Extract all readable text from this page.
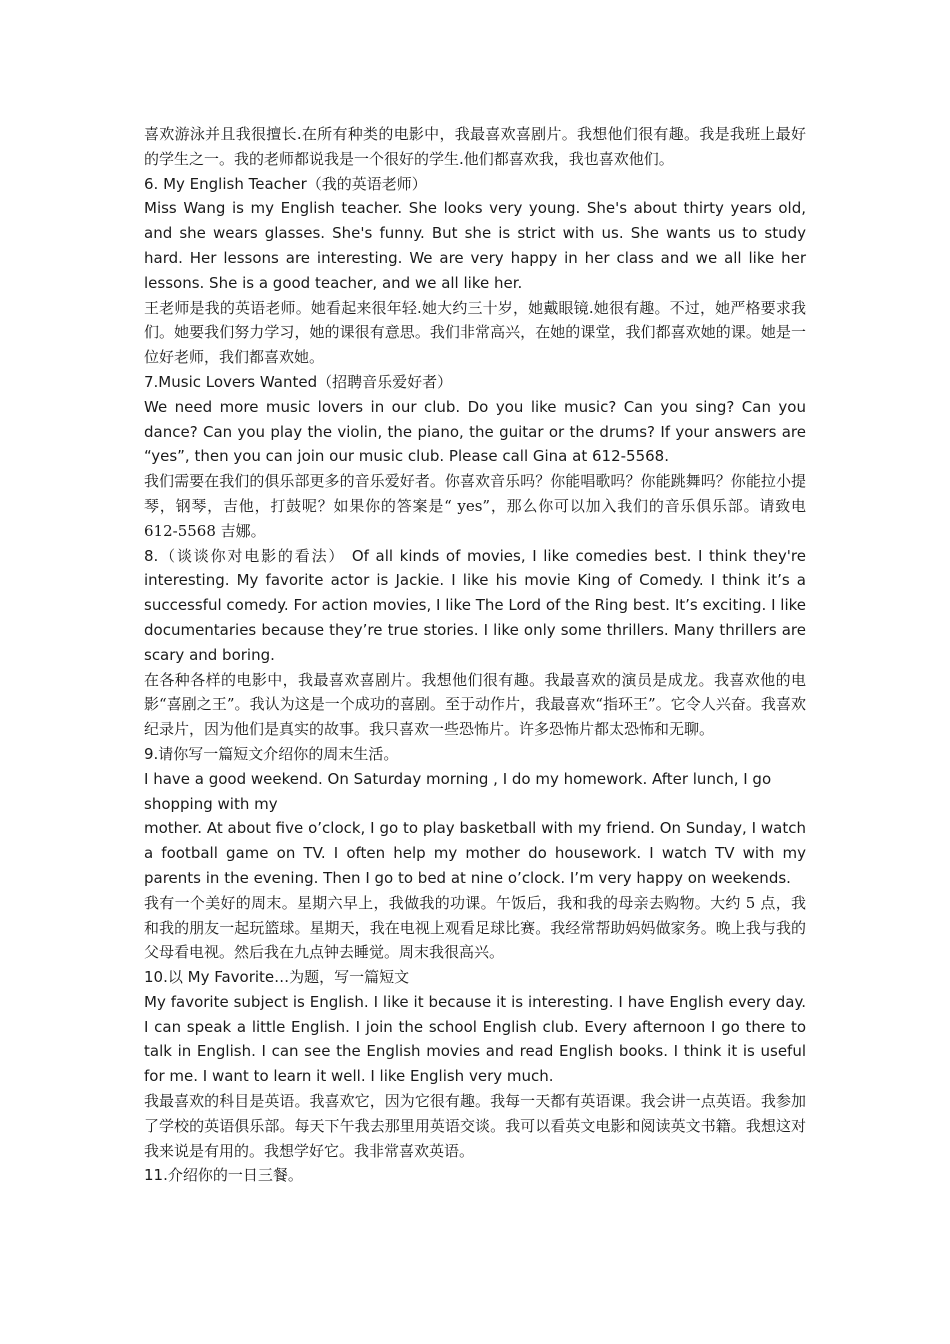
喜欢游泳并且我很擅长.在所有种类的电影中，我最喜欢喜剧片。我想他们很有趣。我是我班上最好的学生之一。我的老师都说我是一个很好的学生.他们都喜欢我，我也喜欢他们。

6. My English Teacher（我的英语老师）

Miss Wang is my English teacher. She looks very young. She's about thirty years old, and she wears glasses. She's funny. But she is strict with us. She wants us to study hard. Her lessons are interesting. We are very happy in her class and we all like her lessons. She is a good teacher, and we all like her.

王老师是我的英语老师。她看起来很年轻.她大约三十岁，她戴眼镜.她很有趣。不过，她严格要求我们。她要我们努力学习，她的课很有意思。我们非常高兴，在她的课堂，我们都喜欢她的课。她是一位好老师，我们都喜欢她。

7.Music Lovers Wanted（招聘音乐爱好者）

We need more music lovers in our club. Do you like music? Can you sing? Can you dance? Can you play the violin, the piano, the guitar or the drums? If your answers are “yes”, then you can join our music club. Please call Gina at 612-5568.

我们需要在我们的俱乐部更多的音乐爱好者。你喜欢音乐吗？你能唱歌吗？你能跳舞吗？你能拉小提琴，钢琴，吉他，打鼓呢？如果你的答案是“ yes”，那么你可以加入我们的音乐俱乐部。请致电 612-5568 吉娜。

8.（谈谈你对电影的看法） Of all kinds of movies, I like comedies best. I think they're interesting. My favorite actor is Jackie. I like his movie King of Comedy. I think it’s a successful comedy. For action movies, I like The Lord of the Ring best. It’s exciting. I like documentaries because they’re true stories. I like only some thrillers. Many thrillers are scary and boring.

在各种各样的电影中，我最喜欢喜剧片。我想他们很有趣。我最喜欢的演员是成龙。我喜欢他的电影“喜剧之王”。我认为这是一个成功的喜剧。至于动作片，我最喜欢“指环王”。它令人兴奋。我喜欢纪录片，因为他们是真实的故事。我只喜欢一些恐怖片。许多恐怖片都太恐怖和无聊。

9.请你写一篇短文介绍你的周末生活。

I have a good weekend. On Saturday morning , I do my homework. After lunch, I go shopping with my

mother. At about five o’clock, I go to play basketball with my friend. On Sunday, I watch a football game on TV. I often help my mother do housework. I watch TV with my parents in the evening. Then I go to bed at nine o’clock. I’m very happy on weekends.

我有一个美好的周末。星期六早上，我做我的功课。午饭后，我和我的母亲去购物。大约 5 点，我和我的朋友一起玩篮球。星期天，我在电视上观看足球比赛。我经常帮助妈妈做家务。晚上我与我的父母看电视。然后我在九点钟去睡觉。周末我很高兴。

10.以 My Favorite…为题，写一篇短文

My favorite subject is English. I like it because it is interesting. I have English every day. I can speak a little English. I join the school English club. Every afternoon I go there to talk in English. I can see the English movies and read English books. I think it is useful for me. I want to learn it well. I like English very much.

我最喜欢的科目是英语。我喜欢它，因为它很有趣。我每一天都有英语课。我会讲一点英语。我参加了学校的英语俱乐部。每天下午我去那里用英语交谈。我可以看英文电影和阅读英文书籍。我想这对我来说是有用的。我想学好它。我非常喜欢英语。

11.介绍你的一日三餐。
